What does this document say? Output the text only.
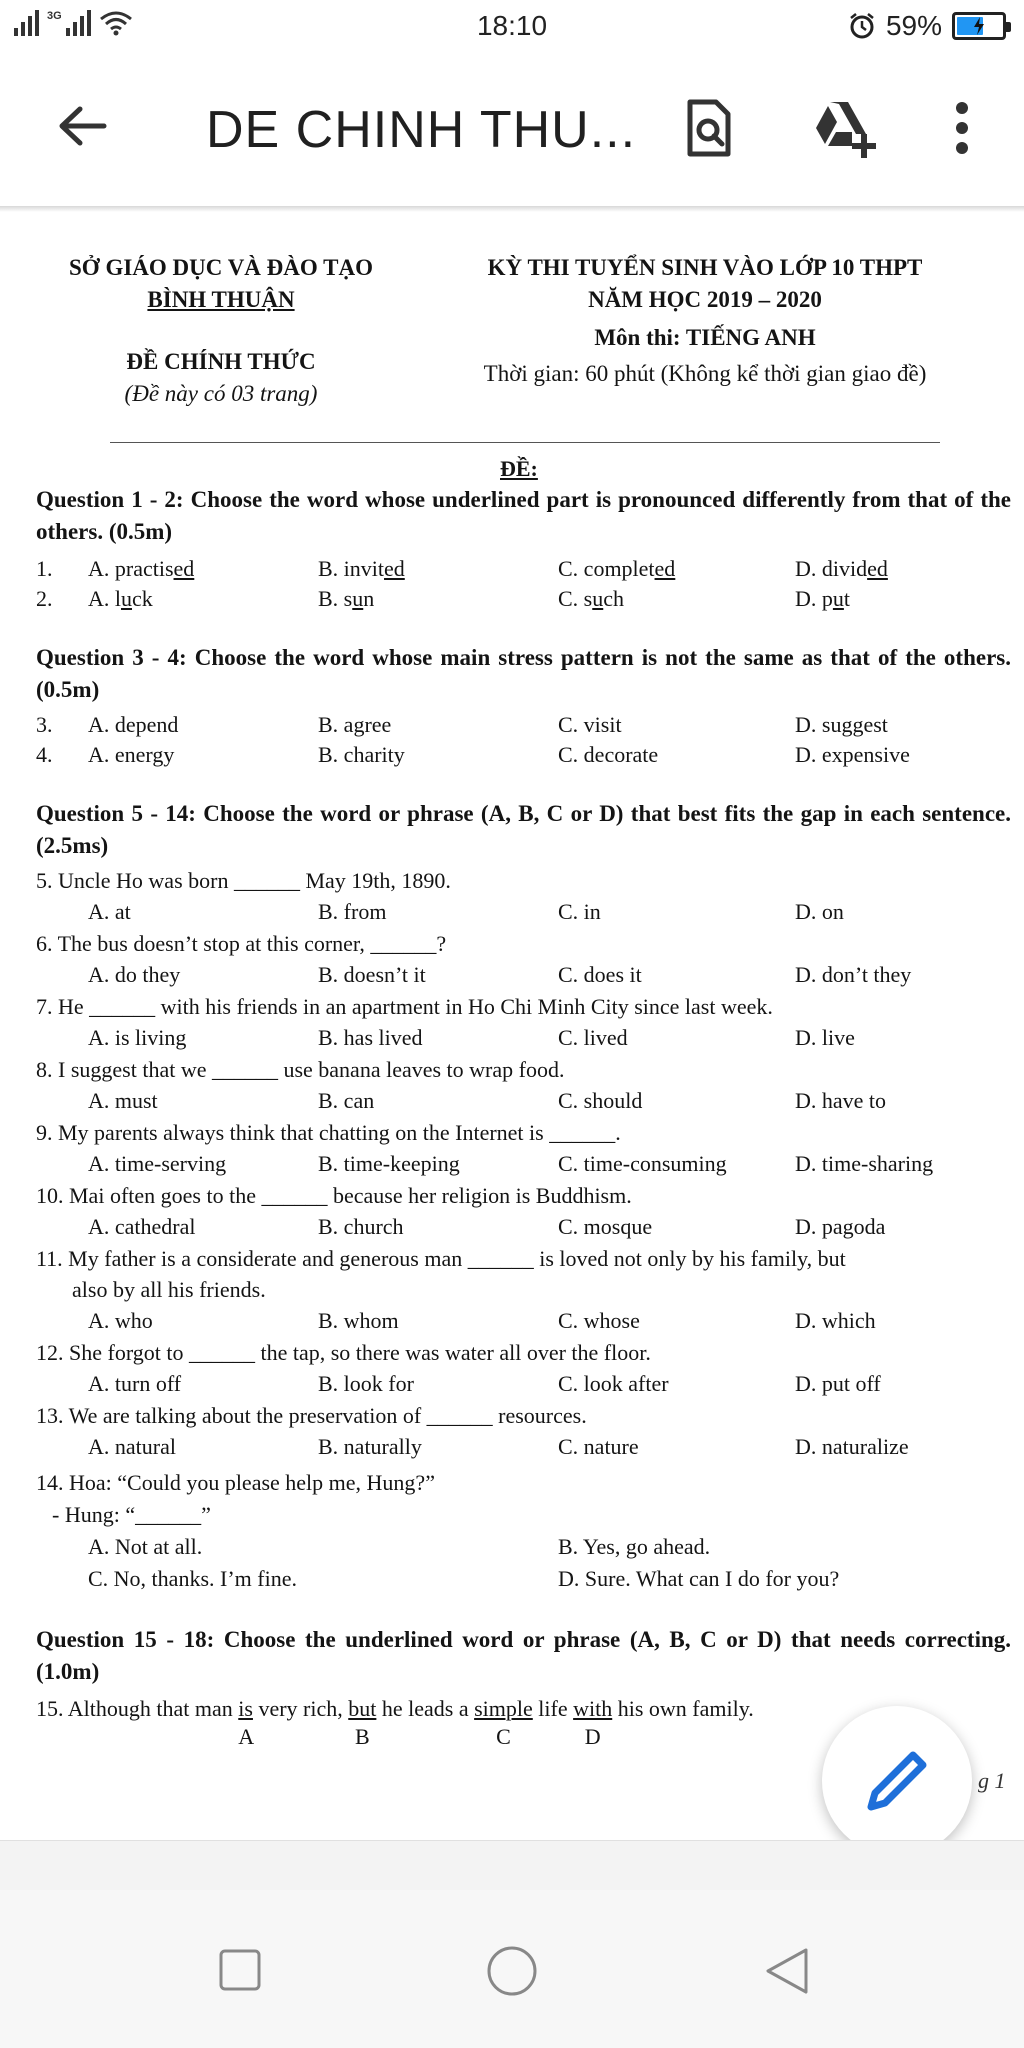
3G	18:10	59%
DE CHINH THU...
SỞ GIÁO DỤC VÀ ĐÀO TẠO
BÌNH THUẬN
ĐỀ CHÍNH THỨC
(Đề này có 03 trang)
KỲ THI TUYỂN SINH VÀO LỚP 10 THPT
NĂM HỌC 2019 – 2020
Môn thi: TIẾNG ANH
Thời gian: 60 phút (Không kể thời gian giao đề)
ĐỀ:
Question 1 - 2: Choose the word whose underlined part is pronounced differently from that of the others. (0.5m)
1. A. practised	B. invited	C. completed	D. divided
2. A. luck	B. sun	C. such	D. put
Question 3 - 4: Choose the word whose main stress pattern is not the same as that of the others. (0.5m)
3. A. depend	B. agree	C. visit	D. suggest
4. A. energy	B. charity	C. decorate	D. expensive
Question 5 - 14: Choose the word or phrase (A, B, C or D) that best fits the gap in each sentence. (2.5ms)
5. Uncle Ho was born ______ May 19th, 1890.
A. at	B. from	C. in	D. on
6. The bus doesn’t stop at this corner, ______?
A. do they	B. doesn’t it	C. does it	D. don’t they
7. He ______ with his friends in an apartment in Ho Chi Minh City since last week.
A. is living	B. has lived	C. lived	D. live
8. I suggest that we ______ use banana leaves to wrap food.
A. must	B. can	C. should	D. have to
9. My parents always think that chatting on the Internet is ______.
A. time-serving	B. time-keeping	C. time-consuming	D. time-sharing
10. Mai often goes to the ______ because her religion is Buddhism.
A. cathedral	B. church	C. mosque	D. pagoda
11. My father is a considerate and generous man ______ is loved not only by his family, but
also by all his friends.
A. who	B. whom	C. whose	D. which
12. She forgot to ______ the tap, so there was water all over the floor.
A. turn off	B. look for	C. look after	D. put off
13. We are talking about the preservation of ______ resources.
A. natural	B. naturally	C. nature	D. naturalize
14. Hoa: “Could you please help me, Hung?”
- Hung: “______”
A. Not at all.	B. Yes, go ahead.
C. No, thanks. I’m fine.	D. Sure. What can I do for you?
Question 15 - 18: Choose the underlined word or phrase (A, B, C or D) that needs correcting. (1.0m)
15. Although that man $\frac{is}{A}$ very rich, but
B
he leads a simple
C
life with
D
his own family.
g 1
